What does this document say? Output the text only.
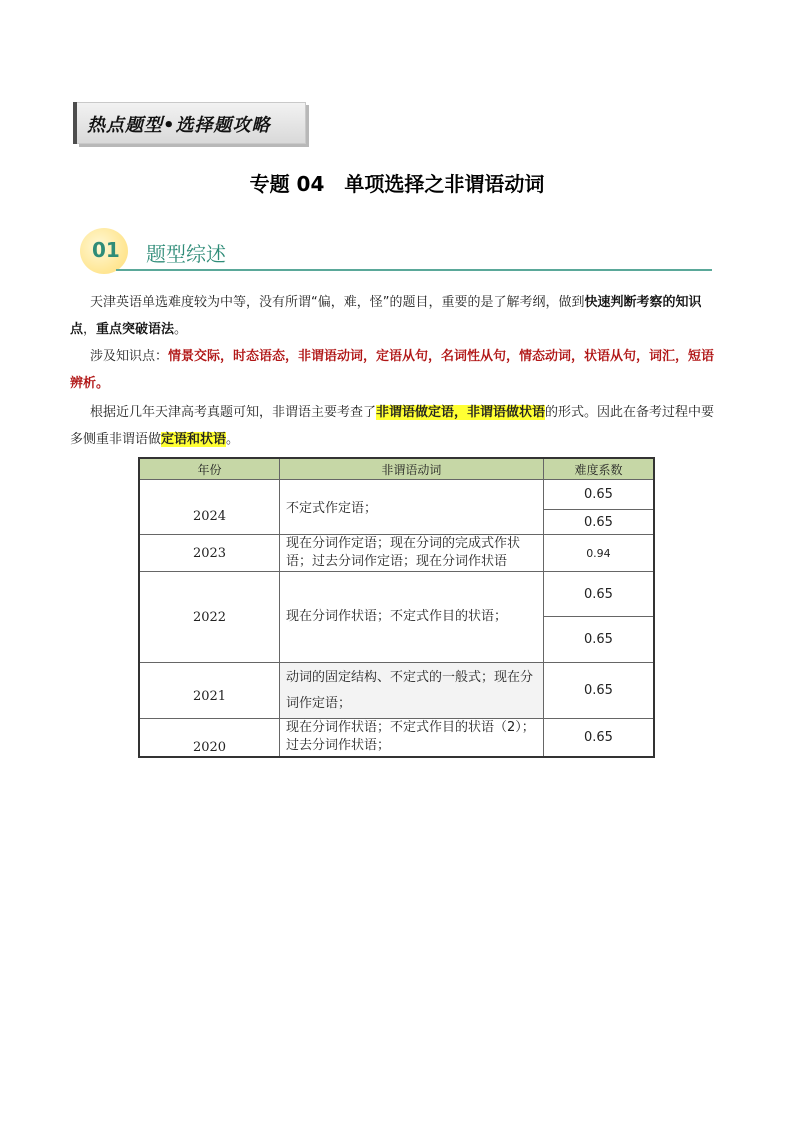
热点题型•选择题攻略
专题 04　单项选择之非谓语动词
01 题型综述
天津英语单选难度较为中等，没有所谓“偏，难，怪”的题目，重要的是了解考纲，做到快速判断考察的知识点，重点突破语法。
涉及知识点：情景交际，时态语态，非谓语动词，定语从句，名词性从句，情态动词，状语从句，词汇，短语辨析。
根据近几年天津高考真题可知，非谓语主要考查了非谓语做定语，非谓语做状语的形式。因此在备考过程中要多侧重非谓语做定语和状语。
年份	非谓语动词	难度系数
2024	不定式作定语；	0.65
		0.65
2023	现在分词作定语；现在分词的完成式作状语；过去分词作定语；现在分词作状语	0.94
2022	现在分词作状语；不定式作目的状语；	0.65
		0.65
2021	动词的固定结构、不定式的一般式；现在分词作定语；	0.65
2020	现在分词作状语；不定式作目的状语（2）；过去分词作状语；	0.65
